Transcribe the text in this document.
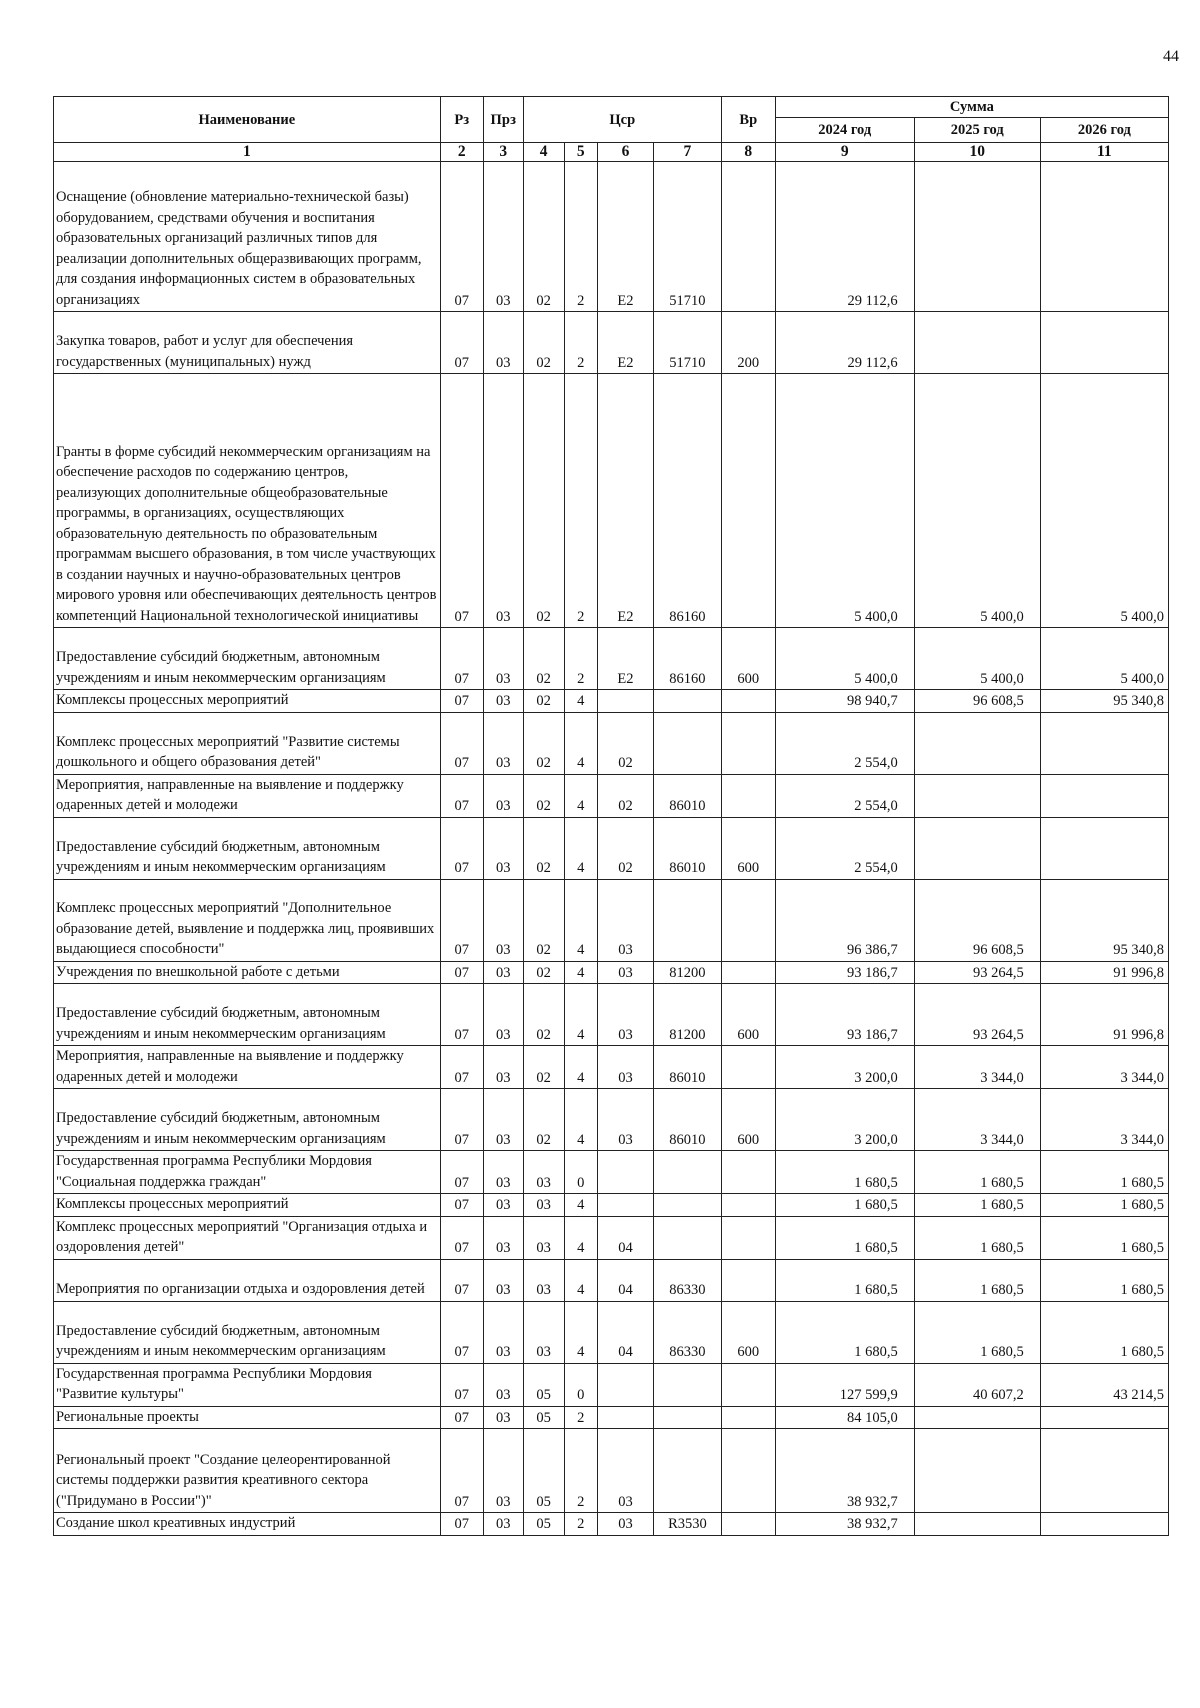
44
Наименование	Рз	Прз	Цср				Вр	Сумма		
								2024 год	2025 год	2026 год
1	2	3	4	5	6	7	8	9	10	11
Оснащение (обновление материально-технической базы) оборудованием, средствами обучения и воспитания образовательных организаций различных типов для реализации дополнительных общеразвивающих программ, для создания информационных систем в образовательных организациях	07	03	02	2	E2	51710		29 112,6		
Закупка товаров, работ и услуг для обеспечения государственных (муниципальных) нужд	07	03	02	2	E2	51710	200	29 112,6		
Гранты в форме субсидий некоммерческим организациям на обеспечение расходов по содержанию центров, реализующих дополнительные общеобразовательные программы, в организациях, осуществляющих образовательную деятельность по образовательным программам высшего образования, в том числе участвующих в создании научных и научно-образовательных центров мирового уровня или обеспечивающих деятельность центров компетенций Национальной технологической инициативы	07	03	02	2	E2	86160		5 400,0	5 400,0	5 400,0
Предоставление субсидий бюджетным, автономным учреждениям и иным некоммерческим организациям	07	03	02	2	E2	86160	600	5 400,0	5 400,0	5 400,0
Комплексы процессных мероприятий	07	03	02	4				98 940,7	96 608,5	95 340,8
Комплекс процессных мероприятий "Развитие системы дошкольного и общего образования детей"	07	03	02	4	02			2 554,0		
Мероприятия, направленные на выявление и поддержку одаренных детей и молодежи	07	03	02	4	02	86010		2 554,0		
Предоставление субсидий бюджетным, автономным учреждениям и иным некоммерческим организациям	07	03	02	4	02	86010	600	2 554,0		
Комплекс процессных мероприятий "Дополнительное образование детей, выявление и поддержка лиц, проявивших выдающиеся способности"	07	03	02	4	03			96 386,7	96 608,5	95 340,8
Учреждения по внешкольной работе с детьми	07	03	02	4	03	81200		93 186,7	93 264,5	91 996,8
Предоставление субсидий бюджетным, автономным учреждениям и иным некоммерческим организациям	07	03	02	4	03	81200	600	93 186,7	93 264,5	91 996,8
Мероприятия, направленные на выявление и поддержку одаренных детей и молодежи	07	03	02	4	03	86010		3 200,0	3 344,0	3 344,0
Предоставление субсидий бюджетным, автономным учреждениям и иным некоммерческим организациям	07	03	02	4	03	86010	600	3 200,0	3 344,0	3 344,0
Государственная программа Республики Мордовия "Социальная поддержка граждан"	07	03	03	0				1 680,5	1 680,5	1 680,5
Комплексы процессных мероприятий	07	03	03	4				1 680,5	1 680,5	1 680,5
Комплекс процессных мероприятий "Организация отдыха и оздоровления детей"	07	03	03	4	04			1 680,5	1 680,5	1 680,5
Мероприятия по организации отдыха и оздоровления детей	07	03	03	4	04	86330		1 680,5	1 680,5	1 680,5
Предоставление субсидий бюджетным, автономным учреждениям и иным некоммерческим организациям	07	03	03	4	04	86330	600	1 680,5	1 680,5	1 680,5
Государственная программа Республики Мордовия "Развитие культуры"	07	03	05	0				127 599,9	40 607,2	43 214,5
Региональные проекты	07	03	05	2				84 105,0		
Региональный проект "Создание целеорентированной системы поддержки развития креативного сектора ("Придумано в России")"	07	03	05	2	03			38 932,7		
Создание школ креативных индустрий	07	03	05	2	03	R3530		38 932,7		
